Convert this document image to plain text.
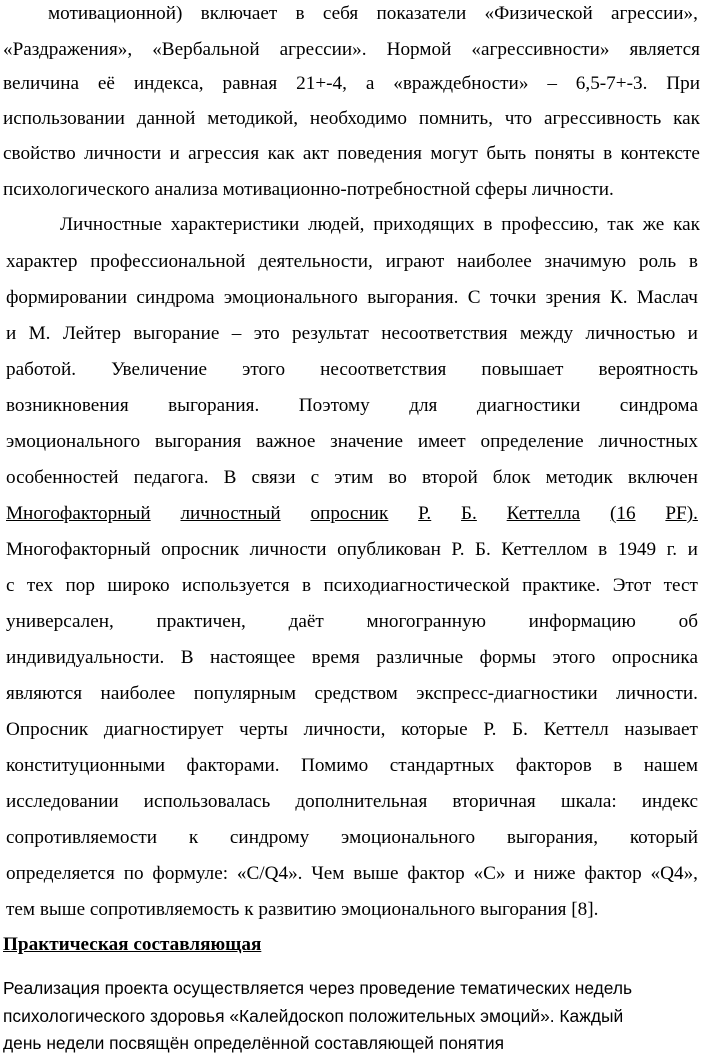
мотивационной) включает в себя показатели «Физической агрессии»,
«Раздражения», «Вербальной агрессии». Нормой «агрессивности» является
величина её индекса, равная 21+-4, а «враждебности» – 6,5-7+-3. При
использовании данной методикой, необходимо помнить, что агрессивность как
свойство личности и агрессия как акт поведения могут быть поняты в контексте
психологического анализа мотивационно-потребностной сферы личности.
Личностные характеристики людей, приходящих в профессию, так же как
характер профессиональной деятельности, играют наиболее значимую роль в
формировании синдрома эмоционального выгорания. С точки зрения К. Маслач
и М. Лейтер выгорание – это результат несоответствия между личностью и
работой. Увеличение этого несоответствия повышает вероятность
возникновения выгорания. Поэтому для диагностики синдрома
эмоционального выгорания важное значение имеет определение личностных
особенностей педагога. В связи с этим во второй блок методик включен
Многофакторный личностный опросник Р. Б. Кеттелла (16 PF).
Многофакторный опросник личности опубликован Р. Б. Кеттеллом в 1949 г. и
с тех пор широко используется в психодиагностической практике. Этот тест
универсален, практичен, даёт многогранную информацию об
индивидуальности. В настоящее время различные формы этого опросника
являются наиболее популярным средством экспресс-диагностики личности.
Опросник диагностирует черты личности, которые Р. Б. Кеттелл называет
конституционными факторами. Помимо стандартных факторов в нашем
исследовании использовалась дополнительная вторичная шкала: индекс
сопротивляемости к синдрому эмоционального выгорания, который
определяется по формуле: «C/Q4». Чем выше фактор «C» и ниже фактор «Q4»,
тем выше сопротивляемость к развитию эмоционального выгорания [8].
Практическая составляющая
Реализация проекта осуществляется через проведение тематических недель
психологического здоровья «Калейдоскоп положительных эмоций». Каждый
день недели посвящён определённой составляющей понятия
